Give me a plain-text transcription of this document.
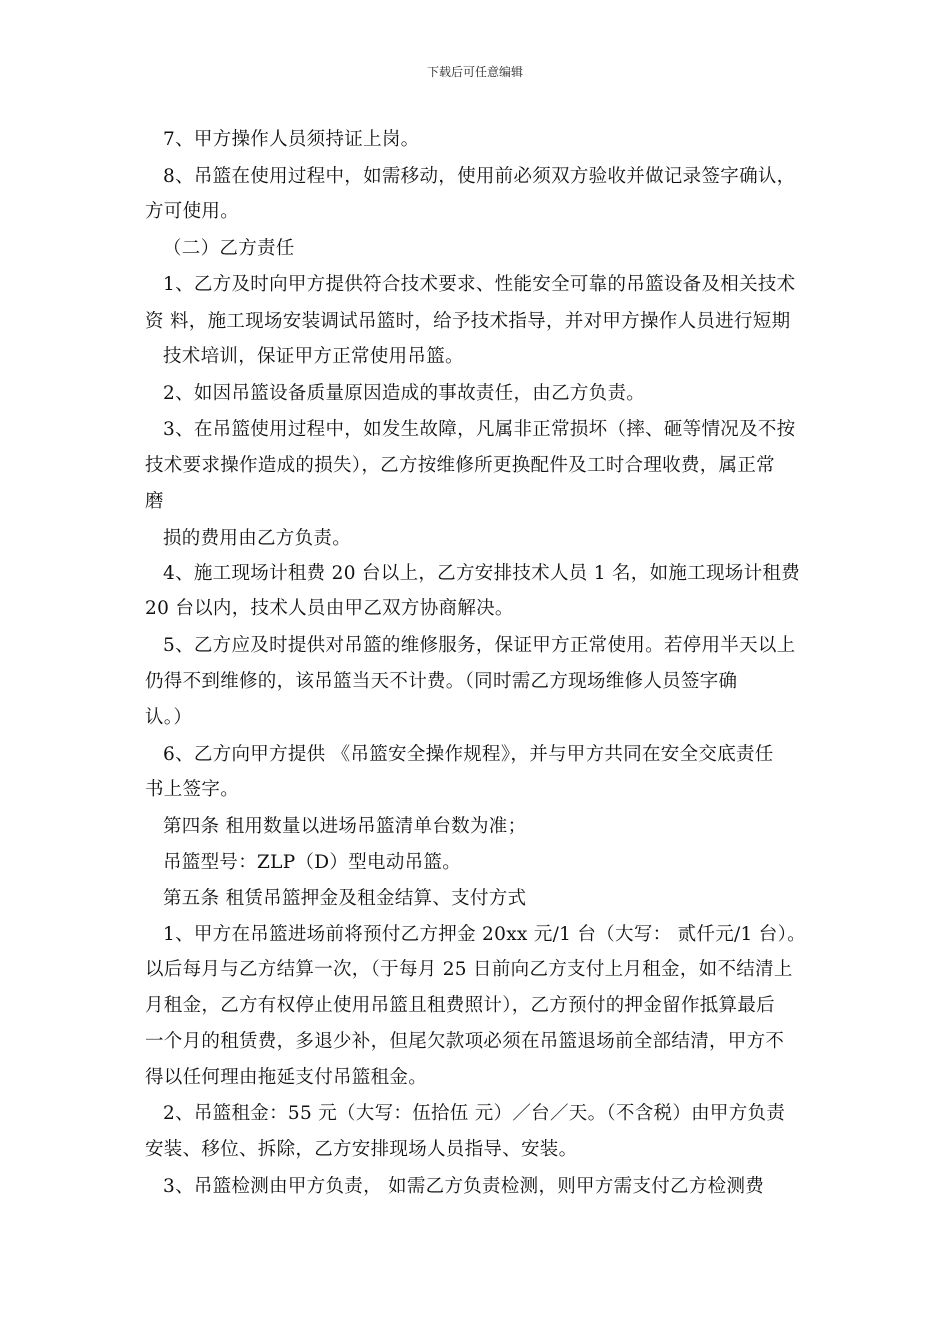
下载后可任意编辑
7、甲方操作人员须持证上岗。
8、吊篮在使用过程中，如需移动，使用前必须双方验收并做记录签字确认，
方可使用。
（二）乙方责任
1、乙方及时向甲方提供符合技术要求、性能安全可靠的吊篮设备及相关技术
资 料，施工现场安装调试吊篮时，给予技术指导，并对甲方操作人员进行短期
技术培训，保证甲方正常使用吊篮。
2、如因吊篮设备质量原因造成的事故责任，由乙方负责。
3、在吊篮使用过程中，如发生故障，凡属非正常损坏（摔、砸等情况及不按
技术要求操作造成的损失），乙方按维修所更换配件及工时合理收费，属正常
磨
损的费用由乙方负责。
4、施工现场计租费 20 台以上，乙方安排技术人员 1 名，如施工现场计租费
20 台以内，技术人员由甲乙双方协商解决。
5、乙方应及时提供对吊篮的维修服务，保证甲方正常使用。若停用半天以上
仍得不到维修的，该吊篮当天不计费。（同时需乙方现场维修人员签字确
认。）
6、乙方向甲方提供 《吊篮安全操作规程》，并与甲方共同在安全交底责任
书上签字。
第四条 租用数量以进场吊篮清单台数为准；
吊篮型号：ZLP（D）型电动吊篮。
第五条 租赁吊篮押金及租金结算、支付方式
1、甲方在吊篮进场前将预付乙方押金 20xx 元/1 台（大写： 贰仟元/1 台）。
以后每月与乙方结算一次，（于每月 25 日前向乙方支付上月租金，如不结清上
月租金，乙方有权停止使用吊篮且租费照计），乙方预付的押金留作抵算最后
一个月的租赁费，多退少补，但尾欠款项必须在吊篮退场前全部结清，甲方不
得以任何理由拖延支付吊篮租金。
2、吊篮租金：55 元（大写：伍拾伍 元）／台／天。（不含税）由甲方负责
安装、移位、拆除，乙方安排现场人员指导、安装。
3、吊篮检测由甲方负责， 如需乙方负责检测，则甲方需支付乙方检测费
